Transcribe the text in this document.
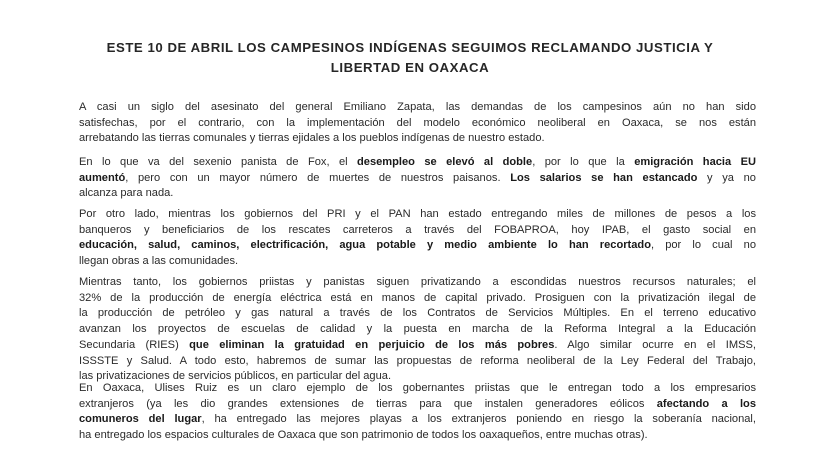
ESTE 10 DE ABRIL LOS CAMPESINOS INDÍGENAS SEGUIMOS RECLAMANDO JUSTICIA Y
LIBERTAD EN OAXACA
A casi un siglo del asesinato del general Emiliano Zapata, las demandas de los campesinos aún no han sido
satisfechas, por el contrario, con la implementación del modelo económico neoliberal en Oaxaca, se nos están
arrebatando las tierras comunales y tierras ejidales a los pueblos indígenas de nuestro estado.
En lo que va del sexenio panista de Fox, el desempleo se elevó al doble, por lo que la emigración hacia EU
aumentó, pero con un mayor número de muertes de nuestros paisanos. Los salarios se han estancado y ya no
alcanza para nada.
Por otro lado, mientras los gobiernos del PRI y el PAN han estado entregando miles de millones de pesos a los
banqueros y beneficiarios de los rescates carreteros a través del FOBAPROA, hoy IPAB, el gasto social en
educación, salud, caminos, electrificación, agua potable y medio ambiente lo han recortado, por lo cual no
llegan obras a las comunidades.
Mientras tanto, los gobiernos priistas y panistas siguen privatizando a escondidas nuestros recursos naturales; el
32% de la producción de energía eléctrica está en manos de capital privado. Prosiguen con la privatización ilegal de
la producción de petróleo y gas natural a través de los Contratos de Servicios Múltiples. En el terreno educativo
avanzan los proyectos de escuelas de calidad y la puesta en marcha de la Reforma Integral a la Educación
Secundaria (RIES) que eliminan la gratuidad en perjuicio de los más pobres. Algo similar ocurre en el IMSS,
ISSSTE y Salud. A todo esto, habremos de sumar las propuestas de reforma neoliberal de la Ley Federal del Trabajo,
las privatizaciones de servicios públicos, en particular del agua.
En Oaxaca, Ulises Ruiz es un claro ejemplo de los gobernantes priistas que le entregan todo a los empresarios
extranjeros (ya les dio grandes extensiones de tierras para que instalen generadores eólicos afectando a los
comuneros del lugar, ha entregado las mejores playas a los extranjeros poniendo en riesgo la soberanía nacional,
ha entregado los espacios culturales de Oaxaca que son patrimonio de todos los oaxaqueños, entre muchas otras).
